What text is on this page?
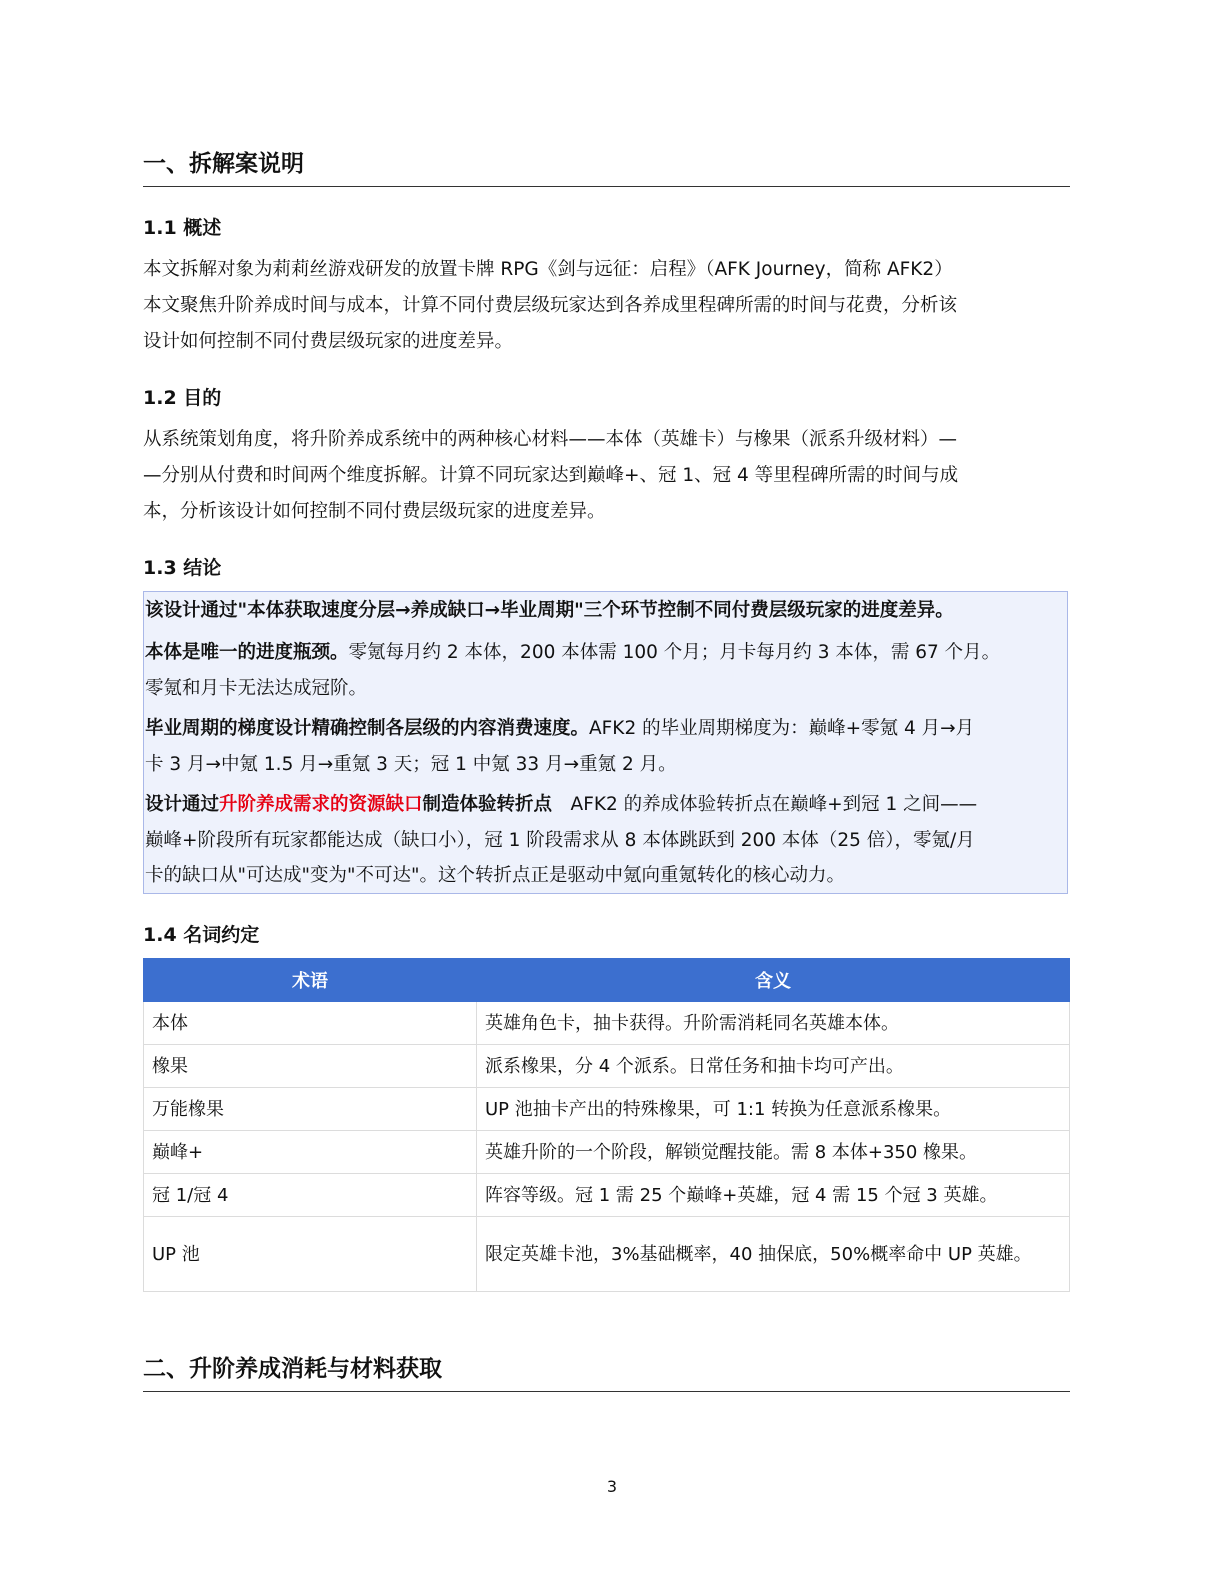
一、拆解案说明
1.1 概述
本文拆解对象为莉莉丝游戏研发的放置卡牌 RPG《剑与远征：启程》（AFK Journey，简称 AFK2）
本文聚焦升阶养成时间与成本，计算不同付费层级玩家达到各养成里程碑所需的时间与花费，分析该
设计如何控制不同付费层级玩家的进度差异。
1.2 目的
从系统策划角度，将升阶养成系统中的两种核心材料——本体（英雄卡）与橡果（派系升级材料）—
—分别从付费和时间两个维度拆解。计算不同玩家达到巅峰+、冠 1、冠 4 等里程碑所需的时间与成
本，分析该设计如何控制不同付费层级玩家的进度差异。
1.3 结论
该设计通过"本体获取速度分层→养成缺口→毕业周期"三个环节控制不同付费层级玩家的进度差异。
本体是唯一的进度瓶颈。零氪每月约 2 本体，200 本体需 100 个月；月卡每月约 3 本体，需 67 个月。
零氪和月卡无法达成冠阶。
毕业周期的梯度设计精确控制各层级的内容消费速度。AFK2 的毕业周期梯度为：巅峰+零氪 4 月→月
卡 3 月→中氪 1.5 月→重氪 3 天；冠 1 中氪 33 月→重氪 2 月。
设计通过升阶养成需求的资源缺口制造体验转折点　AFK2 的养成体验转折点在巅峰+到冠 1 之间——
巅峰+阶段所有玩家都能达成（缺口小），冠 1 阶段需求从 8 本体跳跃到 200 本体（25 倍），零氪/月
卡的缺口从"可达成"变为"不可达"。这个转折点正是驱动中氪向重氪转化的核心动力。
1.4 名词约定
术语	含义
本体	英雄角色卡，抽卡获得。升阶需消耗同名英雄本体。
橡果	派系橡果，分 4 个派系。日常任务和抽卡均可产出。
万能橡果	UP 池抽卡产出的特殊橡果，可 1:1 转换为任意派系橡果。
巅峰+	英雄升阶的一个阶段，解锁觉醒技能。需 8 本体+350 橡果。
冠 1/冠 4	阵容等级。冠 1 需 25 个巅峰+英雄，冠 4 需 15 个冠 3 英雄。
UP 池	限定英雄卡池，3%基础概率，40 抽保底，50%概率命中 UP 英雄。
二、升阶养成消耗与材料获取
3
